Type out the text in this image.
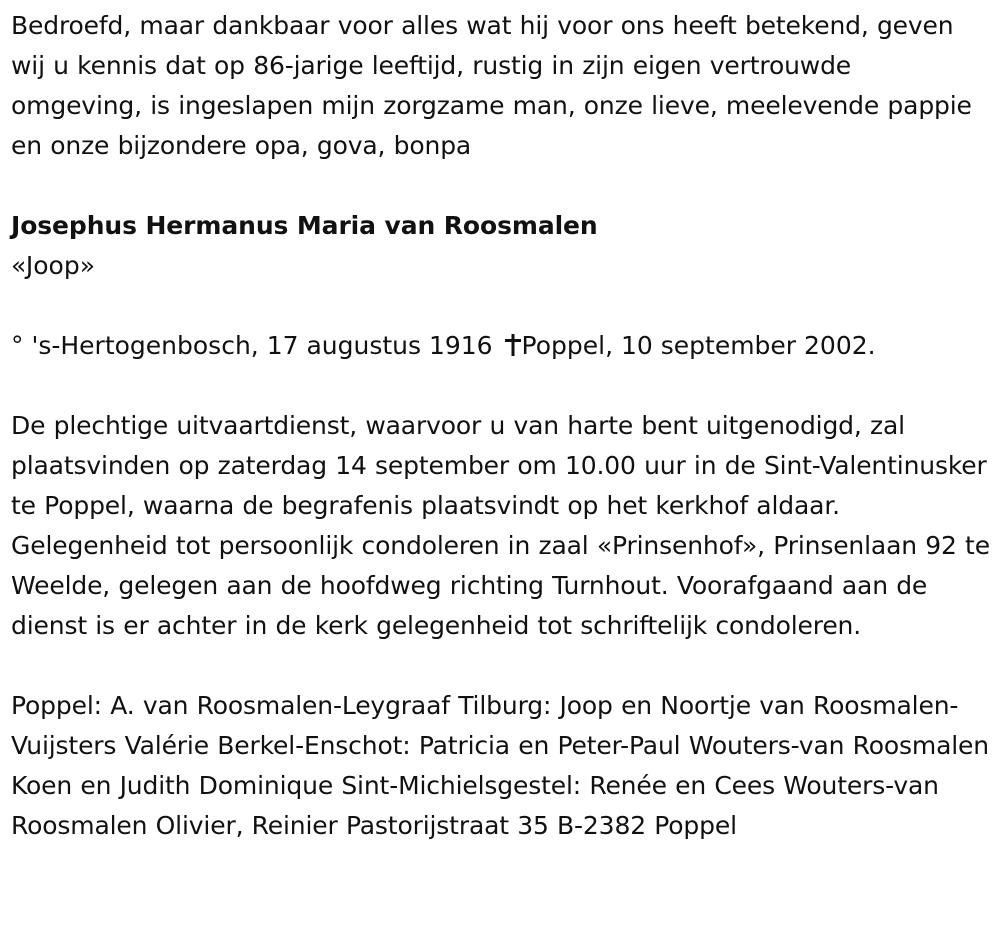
Bedroefd, maar dankbaar voor alles wat hij voor ons heeft betekend, geven wij u kennis dat op 86-jarige leeftijd, rustig in zijn eigen vertrouwde omgeving, is ingeslapen mijn zorgzame man, onze lieve, meelevende pappie en onze bijzondere opa, gova, bonpa

Josephus Hermanus Maria van Roosmalen

«Joop»

° 's-Hertogenbosch, 17 augustus 1916 Poppel, 10 september 2002.

De plechtige uitvaartdienst, waarvoor u van harte bent uitgenodigd, zal plaatsvinden op zaterdag 14 september om 10.00 uur in de Sint-Valentinusker te Poppel, waarna de begrafenis plaatsvindt op het kerkhof aldaar. Gelegenheid tot persoonlijk condoleren in zaal «Prinsenhof», Prinsenlaan 92 te Weelde, gelegen aan de hoofdweg richting Turnhout. Voorafgaand aan de dienst is er achter in de kerk gelegenheid tot schriftelijk condoleren.

Poppel: A. van Roosmalen-Leygraaf Tilburg: Joop en Noortje van Roosmalen-Vuijsters Valérie Berkel-Enschot: Patricia en Peter-Paul Wouters-van Roosmalen Koen en Judith Dominique Sint-Michielsgestel: Renée en Cees Wouters-van Roosmalen Olivier, Reinier Pastorijstraat 35 B-2382 Poppel
